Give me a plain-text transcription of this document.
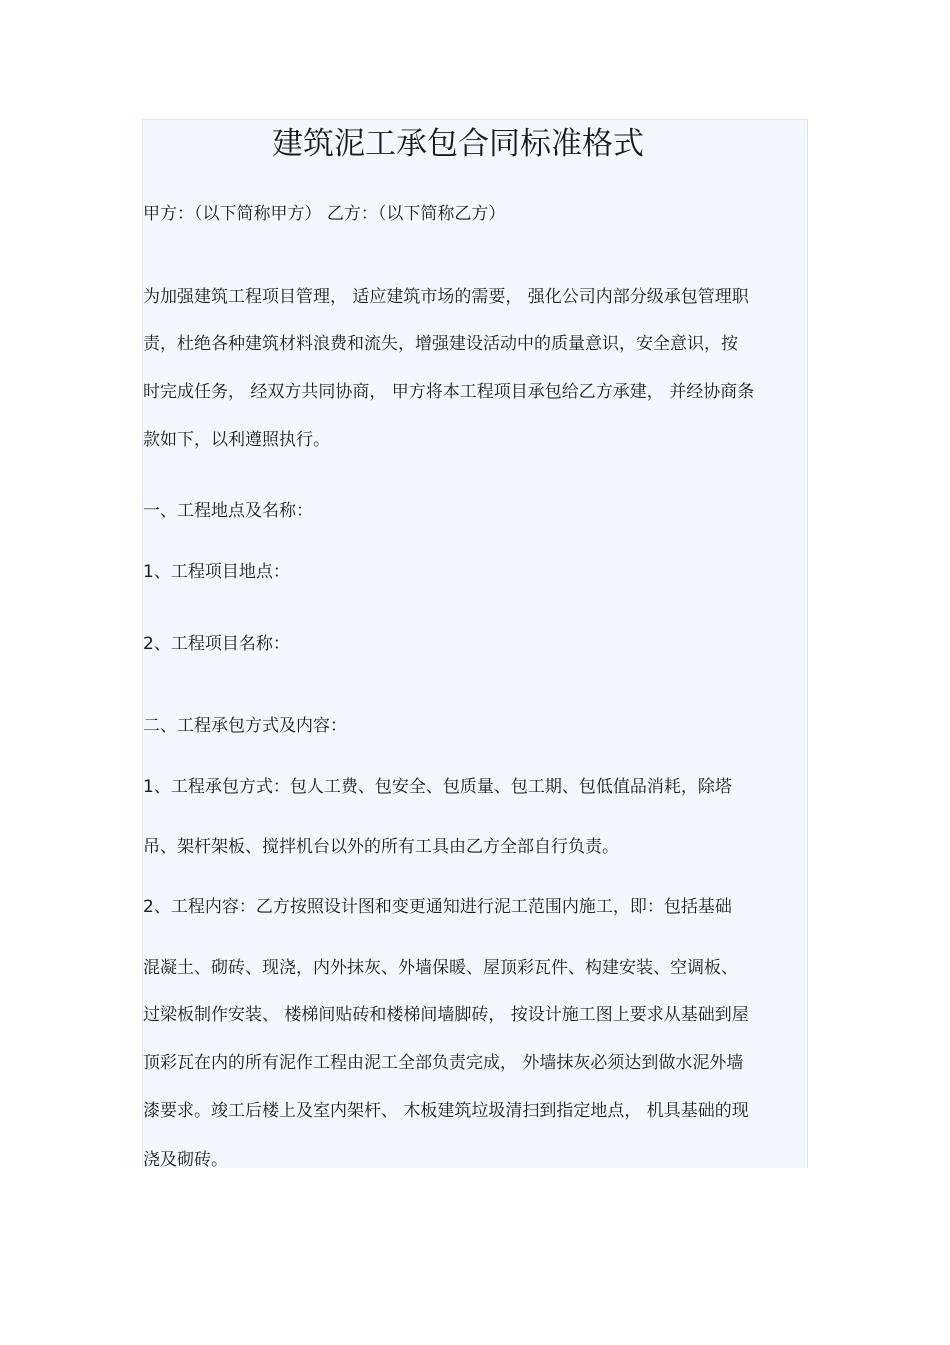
建筑泥工承包合同标准格式
甲方：（以下简称甲方） 乙方：（以下简称乙方）
为加强建筑工程项目管理， 适应建筑市场的需要， 强化公司内部分级承包管理职
责，杜绝各种建筑材料浪费和流失，增强建设活动中的质量意识，安全意识，按
时完成任务， 经双方共同协商， 甲方将本工程项目承包给乙方承建， 并经协商条
款如下，以利遵照执行。
一、工程地点及名称：
1、工程项目地点：
2、工程项目名称：
二、工程承包方式及内容：
1、工程承包方式：包人工费、包安全、包质量、包工期、包低值品消耗，除塔
吊、架杆架板、搅拌机台以外的所有工具由乙方全部自行负责。
2、工程内容：乙方按照设计图和变更通知进行泥工范围内施工，即：包括基础
混凝土、砌砖、现浇，内外抹灰、外墙保暖、屋顶彩瓦件、构建安装、空调板、
过梁板制作安装、 楼梯间贴砖和楼梯间墙脚砖， 按设计施工图上要求从基础到屋
顶彩瓦在内的所有泥作工程由泥工全部负责完成， 外墙抹灰必须达到做水泥外墙
漆要求。竣工后楼上及室内架杆、 木板建筑垃圾清扫到指定地点， 机具基础的现
浇及砌砖。
